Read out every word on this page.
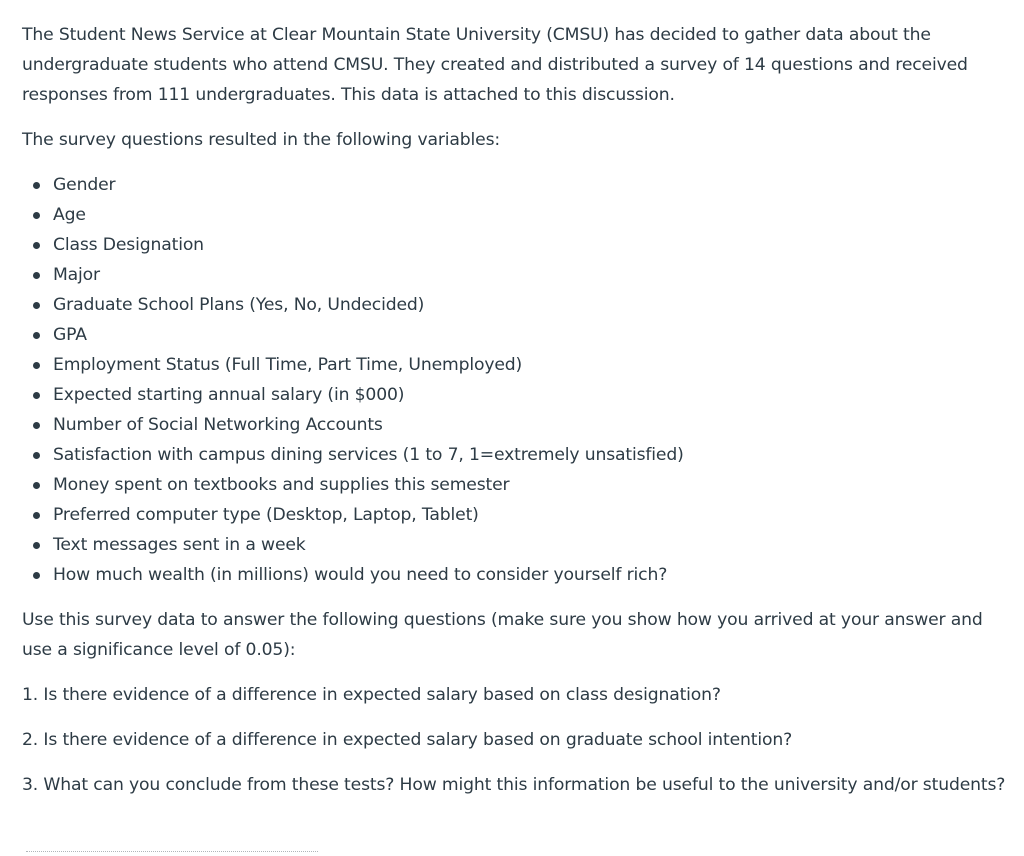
The Student News Service at Clear Mountain State University (CMSU) has decided to gather data about the undergraduate students who attend CMSU. They created and distributed a survey of 14 questions and received responses from 111 undergraduates. This data is attached to this discussion.

The survey questions resulted in the following variables:

Gender
Age
Class Designation
Major
Graduate School Plans (Yes, No, Undecided)
GPA
Employment Status (Full Time, Part Time, Unemployed)
Expected starting annual salary (in $000)
Number of Social Networking Accounts
Satisfaction with campus dining services (1 to 7, 1=extremely unsatisfied)
Money spent on textbooks and supplies this semester
Preferred computer type (Desktop, Laptop, Tablet)
Text messages sent in a week
How much wealth (in millions) would you need to consider yourself rich?

Use this survey data to answer the following questions (make sure you show how you arrived at your answer and use a significance level of 0.05):

1. Is there evidence of a difference in expected salary based on class designation?

2. Is there evidence of a difference in expected salary based on graduate school intention?

3. What can you conclude from these tests? How might this information be useful to the university and/or students?
